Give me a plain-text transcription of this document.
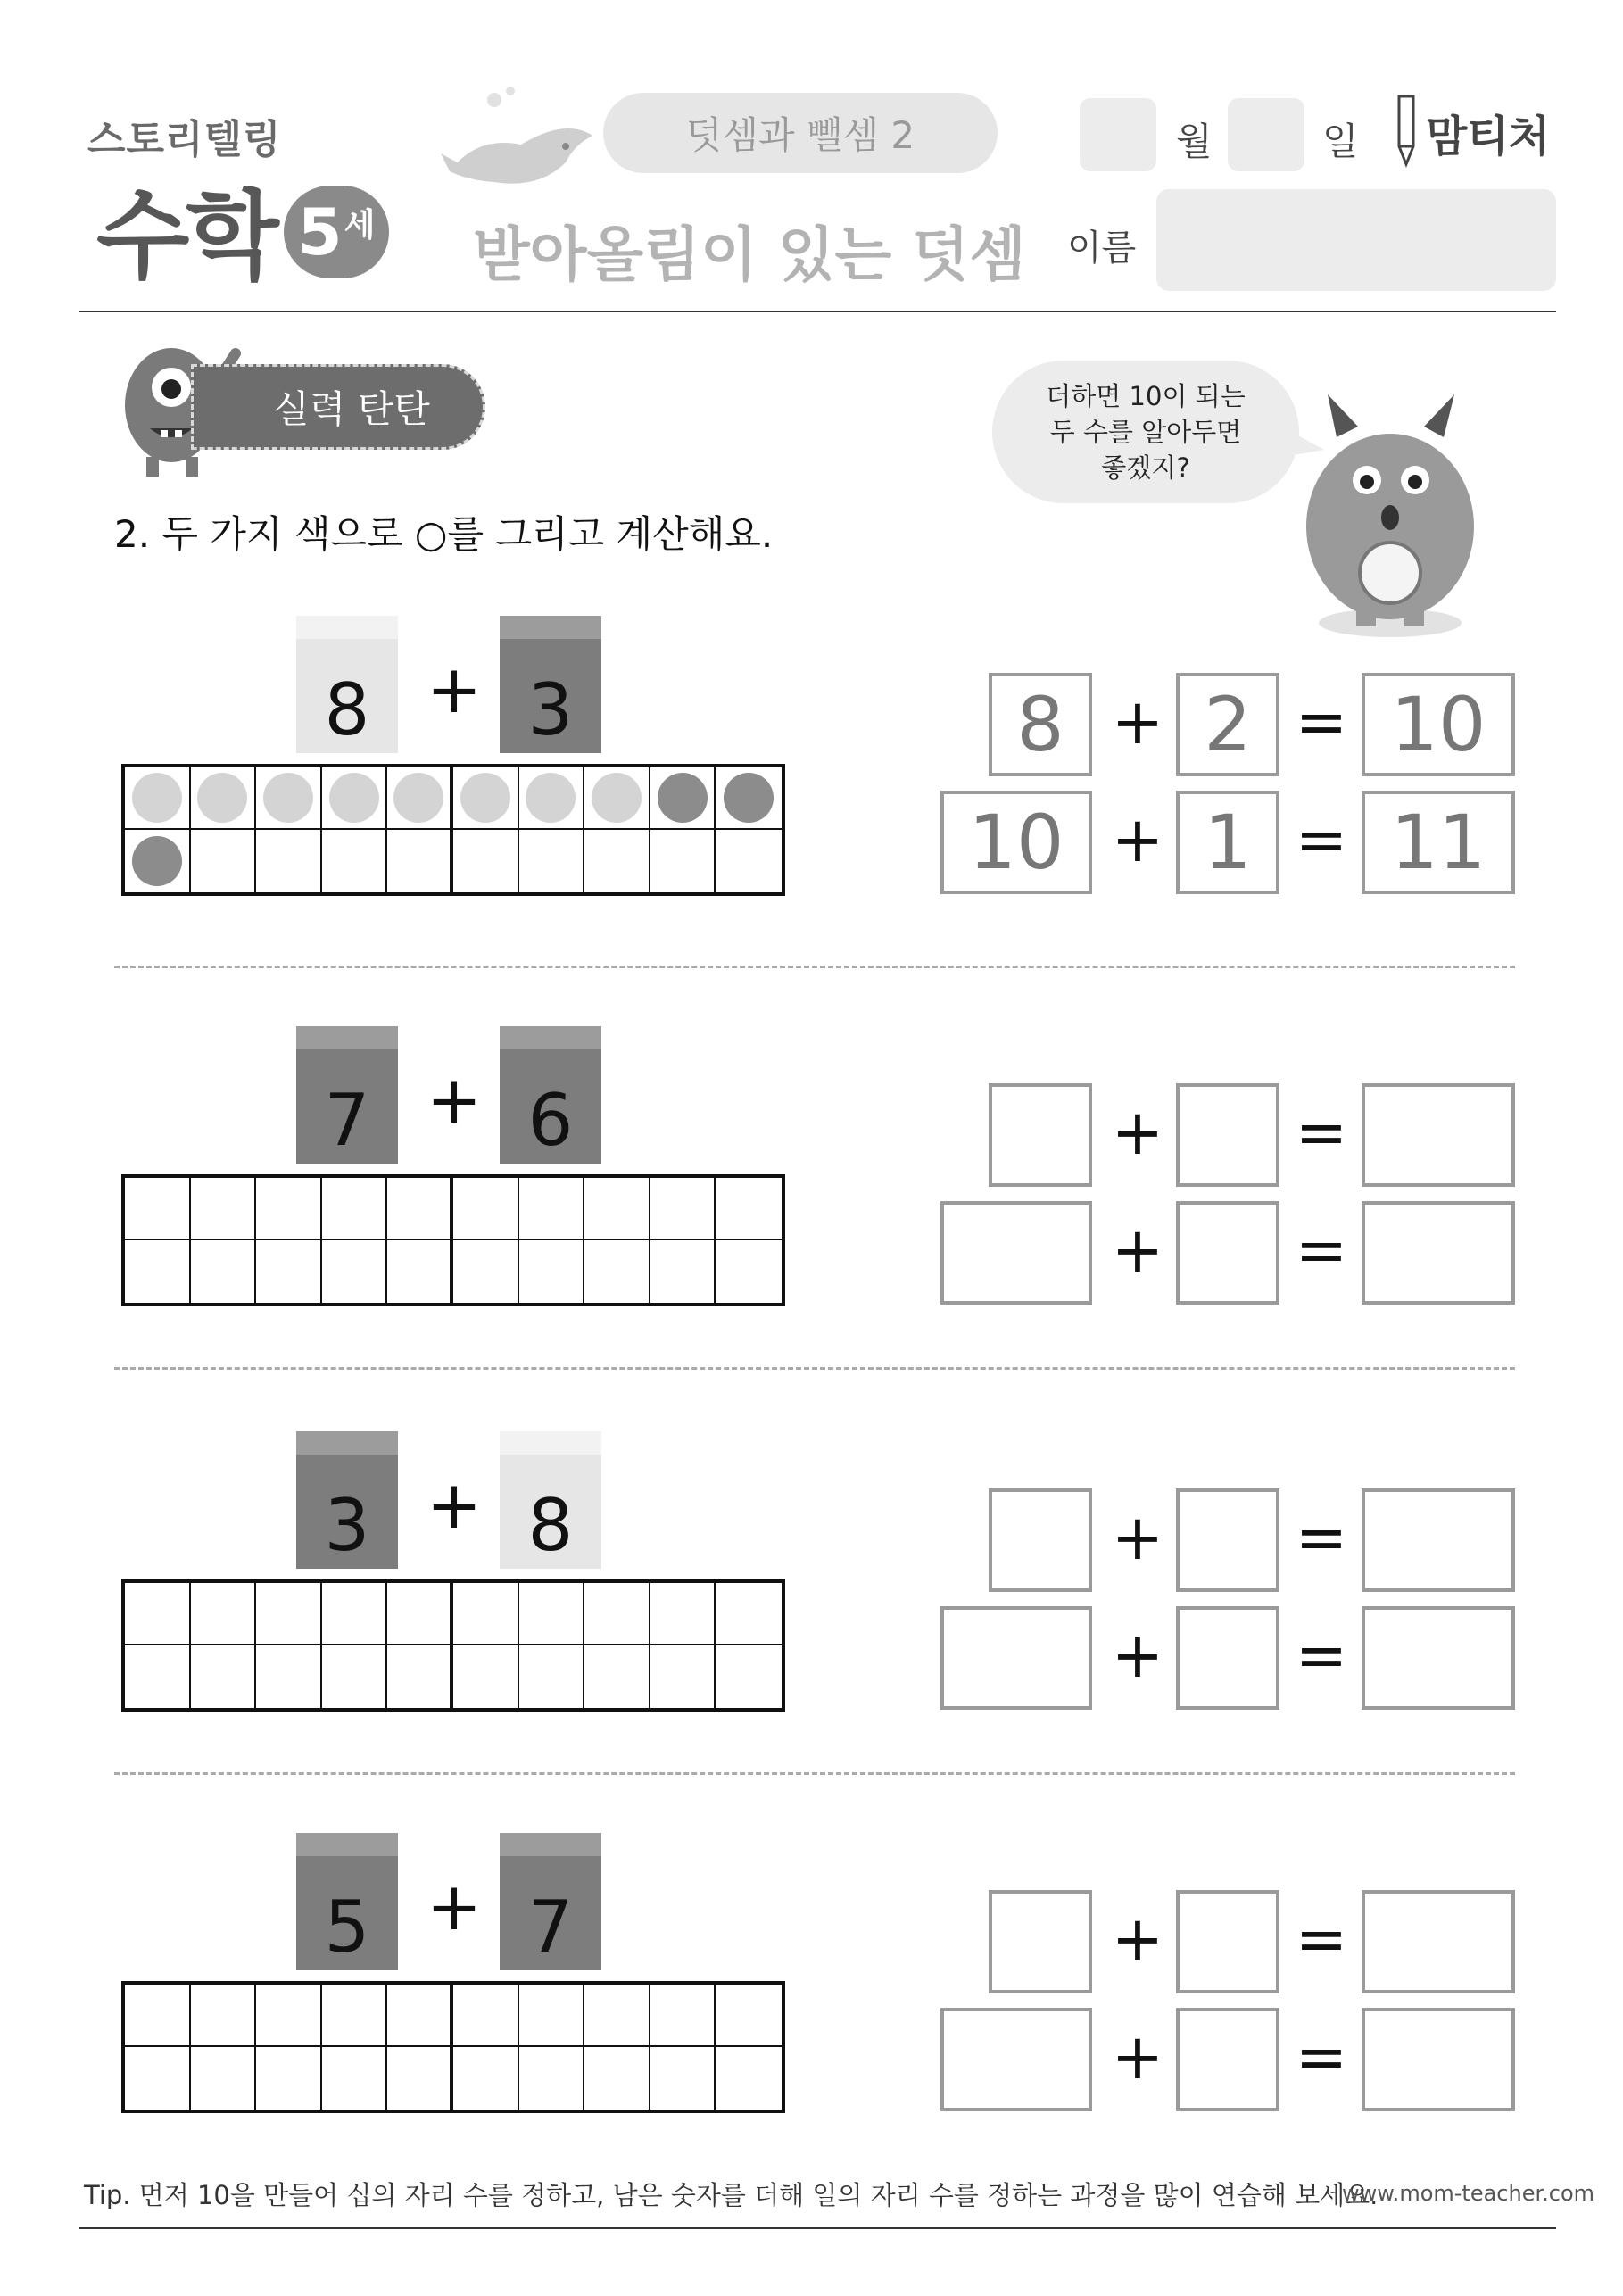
스토리텔링
수학 5 세
덧셈과 뺄셈 2
받아올림이 있는 덧셈
월	일 맘티처
이름
실력 탄탄
2. 두 가지 색으로 ○를 그리고 계산해요.
더하면 10이 되는
두 수를 알아두면
좋겠지?
8 + 3	8 + 2 = 10
10 + 1 = 11
7 + 6	+ =
+ =
3 + 8	+ =
+ =
5 + 7	+ =
+ =
Tip. 먼저 10을 만들어 십의 자리 수를 정하고, 남은 숫자를 더해 일의 자리 수를 정하는 과정을 많이 연습해 보세요.
www.mom-teacher.com
